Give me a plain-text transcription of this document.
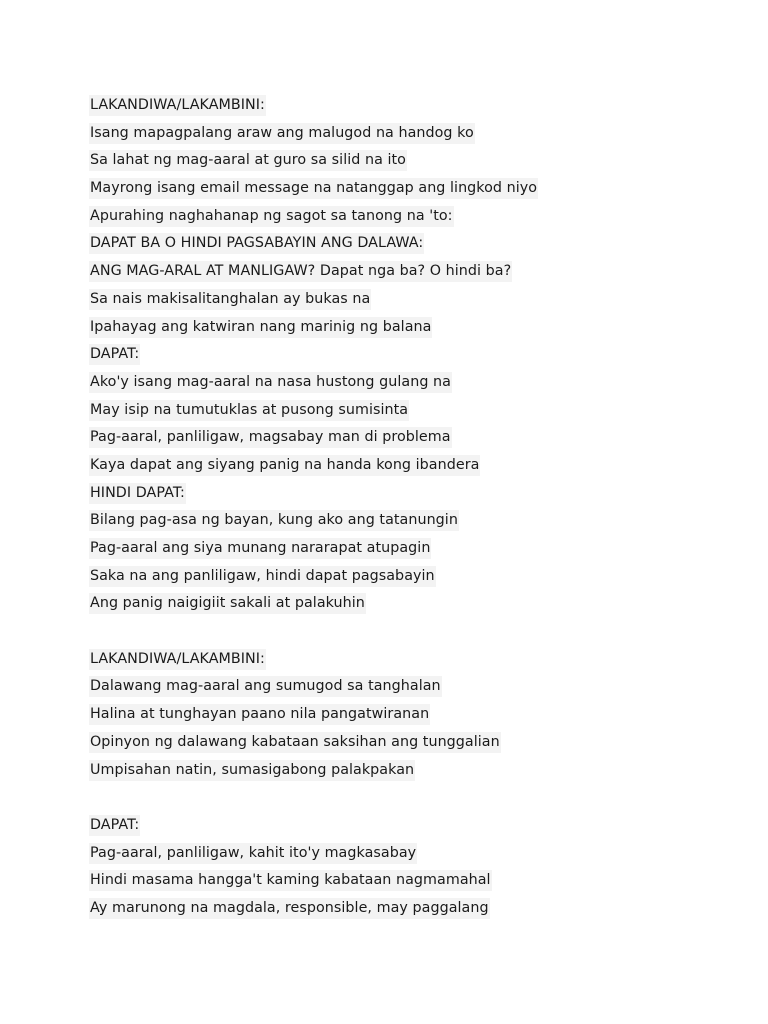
LAKANDIWA/LAKAMBINI:
Isang mapagpalang araw ang malugod na handog ko
Sa lahat ng mag-aaral at guro sa silid na ito
Mayrong isang email message na natanggap ang lingkod niyo
Apurahing naghahanap ng sagot sa tanong na 'to:
DAPAT BA O HINDI PAGSABAYIN ANG DALAWA:
ANG MAG-ARAL AT MANLIGAW? Dapat nga ba? O hindi ba?
Sa nais makisalitanghalan ay bukas na
Ipahayag ang katwiran nang marinig ng balana
DAPAT:
Ako'y isang mag-aaral na nasa hustong gulang na
May isip na tumutuklas at pusong sumisinta
Pag-aaral, panliligaw, magsabay man di problema
Kaya dapat ang siyang panig na handa kong ibandera
HINDI DAPAT:
Bilang pag-asa ng bayan, kung ako ang tatanungin
Pag-aaral ang siya munang nararapat atupagin
Saka na ang panliligaw, hindi dapat pagsabayin
Ang panig naigigiit sakali at palakuhin
LAKANDIWA/LAKAMBINI:
Dalawang mag-aaral ang sumugod sa tanghalan
Halina at tunghayan paano nila pangatwiranan
Opinyon ng dalawang kabataan saksihan ang tunggalian
Umpisahan natin, sumasigabong palakpakan
DAPAT:
Pag-aaral, panliligaw, kahit ito'y magkasabay
Hindi masama hangga't kaming kabataan nagmamahal
Ay marunong na magdala, responsible, may paggalang
